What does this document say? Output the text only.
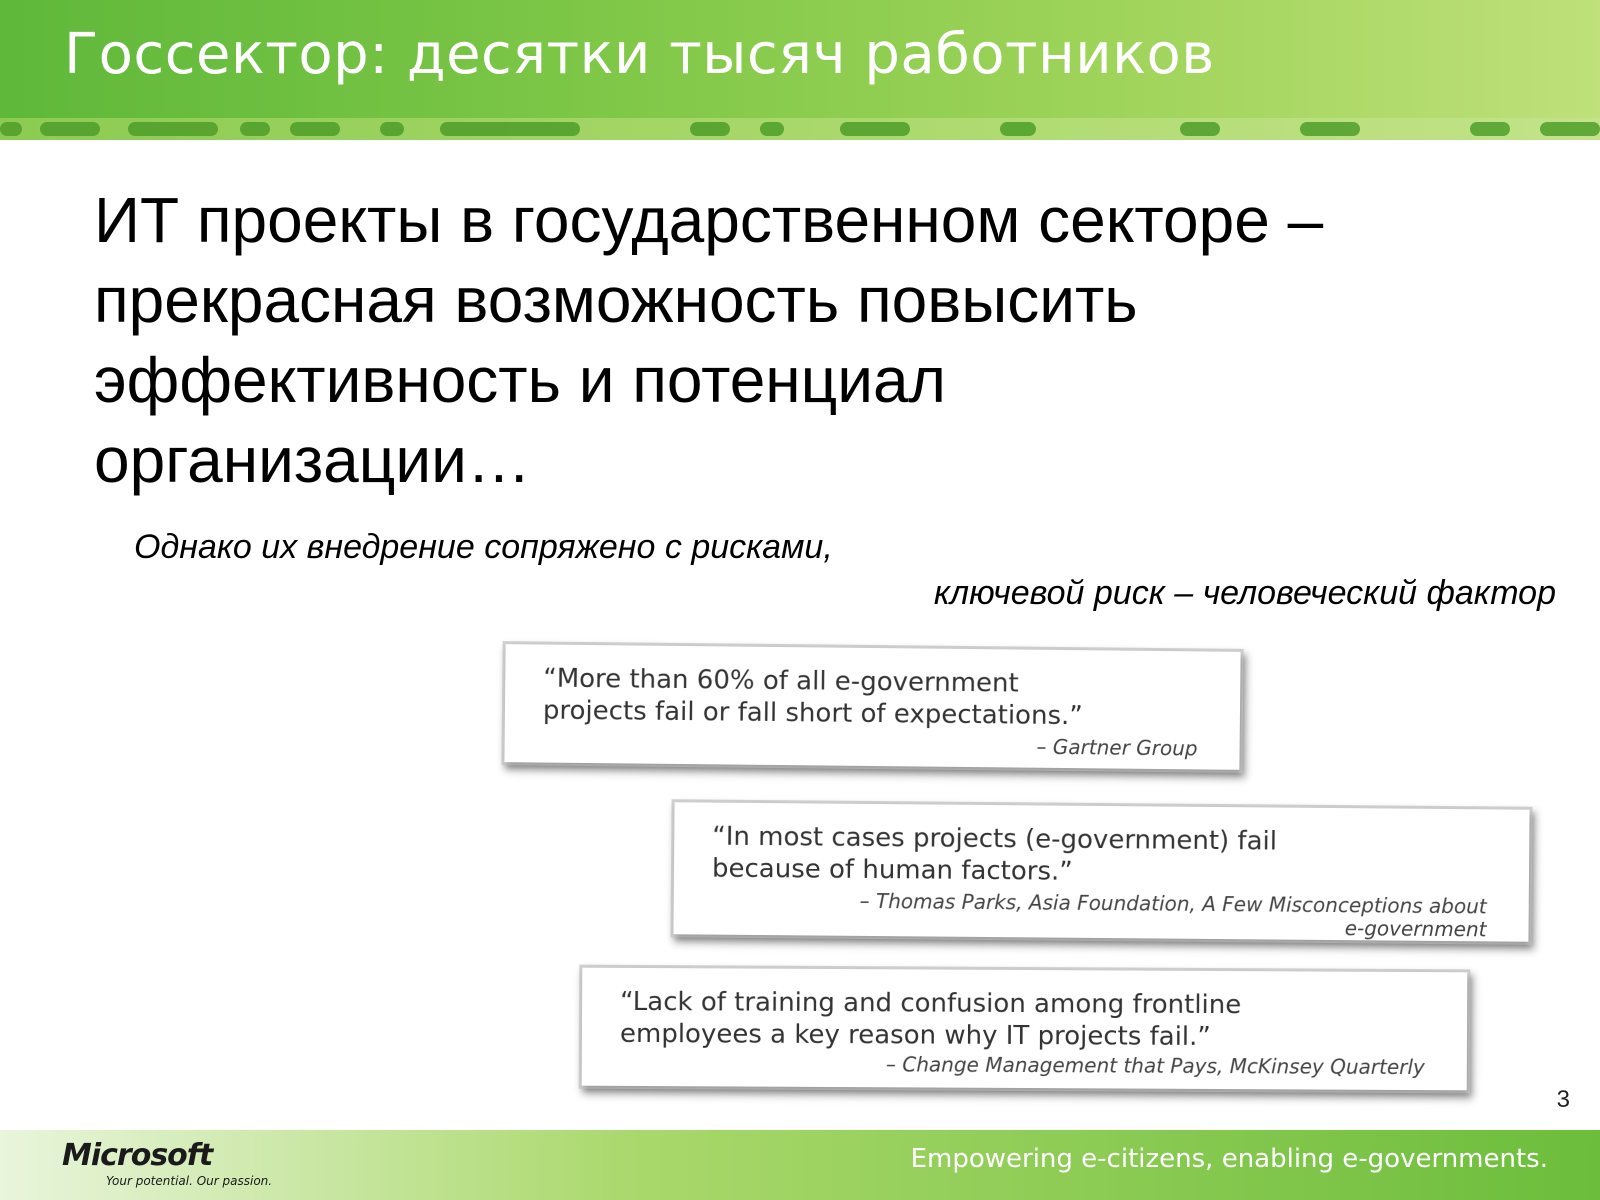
Госсектор: десятки тысяч работников
ИТ проекты в государственном секторе –
прекрасная возможность повысить
эффективность и потенциал
организации…
Однако их внедрение сопряжено с рисками,
ключевой риск – человеческий фактор
“More than 60% of all e-government
projects fail or fall short of expectations.”
– Gartner Group
“In most cases projects (e-government) fail
because of human factors.”
– Thomas Parks, Asia Foundation, A Few Misconceptions about
e-government
“Lack of training and confusion among frontline
employees a key reason why IT projects fail.”
– Change Management that Pays, McKinsey Quarterly
3
Microsoft
Your potential. Our passion.
Empowering e-citizens, enabling e-governments.
